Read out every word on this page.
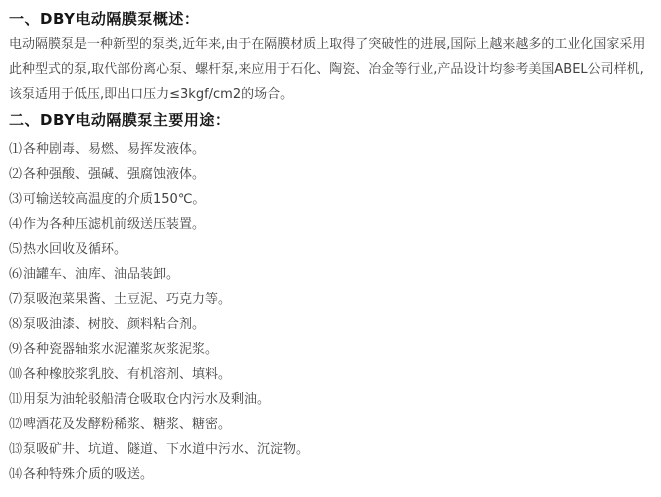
一、DBY电动隔膜泵概述：
电动隔膜泵是一种新型的泵类,近年来,由于在隔膜材质上取得了突破性的进展,国际上越来越多的工业化国家采用
此种型式的泵,取代部份离心泵、螺杆泵,来应用于石化、陶瓷、冶金等行业,产品设计均参考美国ABEL公司样机,
该泵适用于低压,即出口压力≤3kgf/cm2的场合。
二、DBY电动隔膜泵主要用途：
⑴各种剧毒、易燃、易挥发液体。
⑵各种强酸、强碱、强腐蚀液体。
⑶可输送较高温度的介质150℃。
⑷作为各种压滤机前级送压装置。
⑸热水回收及循环。
⑹油罐车、油库、油品装卸。
⑺泵吸泡菜果酱、土豆泥、巧克力等。
⑻泵吸油漆、树胶、颜料粘合剂。
⑼各种瓷器轴浆水泥灌浆灰浆泥浆。
⑽各种橡胶浆乳胶、有机溶剂、填料。
⑾用泵为油轮驳船清仓吸取仓内污水及剩油。
⑿啤酒花及发酵粉稀浆、糖浆、糖密。
⒀泵吸矿井、坑道、隧道、下水道中污水、沉淀物。
⒁各种特殊介质的吸送。
